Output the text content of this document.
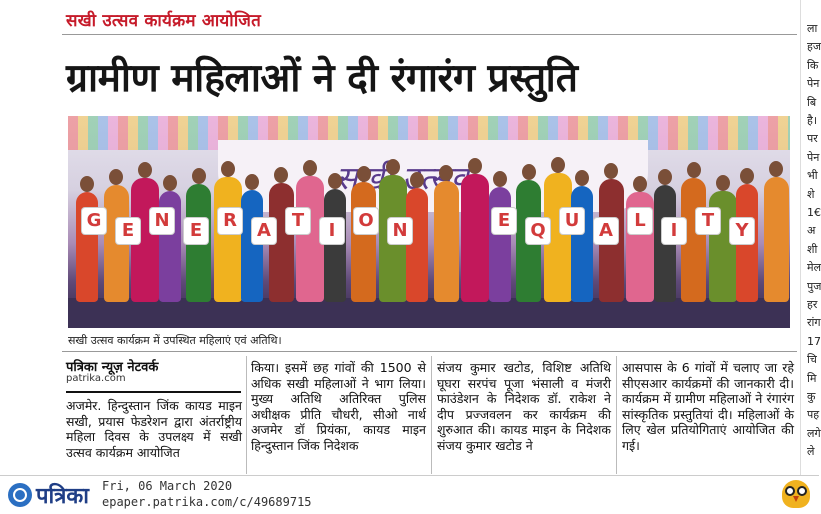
सखी उत्सव कार्यक्रम आयोजित
ग्रामीण महिलाओं ने दी रंगारंग प्रस्तुति
उत्सव
G	E	N	E	R A	T	I	O N	E	Q U A	L	I	T	Y
सखी उत्सव कार्यक्रम में उपस्थित महिलाएं एवं अतिथि।
पत्रिका न्यूज़ नेटवर्क
patrika.com
अजमेर. हिन्दुस्तान जिंक कायड माइन सखी, प्रयास फेडरेशन द्वारा अंतर्राष्ट्रीय महिला दिवस के उपलक्ष्य में सखी उत्सव कार्यक्रम आयोजित
किया। इसमें छह गांवों की 1500 से अधिक सखी महिलाओं ने भाग लिया। मुख्य अतिथि अतिरिक्त पुलिस अधीक्षक प्रीति चौधरी, सीओ नार्थ अजमेर डॉ प्रियंका, कायड माइन हिन्दुस्तान जिंक निदेशक
संजय कुमार खटोड, विशिष्ट अतिथि घूघरा सरपंच पूजा भंसाली व मंजरी फाउंडेशन के निदेशक डॉ. राकेश ने दीप प्रज्जवलन कर कार्यक्रम की शुरुआत की। कायड माइन के निदेशक संजय कुमार खटोड ने
आसपास के 6 गांवों में चलाए जा रहे सीएसआर कार्यक्रमों की जानकारी दी। कार्यक्रम में ग्रामीण महिलाओं ने रंगारंग सांस्कृतिक प्रस्तुतियां दी। महिलाओं के लिए खेल प्रतियोगिताएं आयोजित की गई।
ला
हज
कि
पेन
बि
है।
पर
पेन
भी
शे
1€
अ
शी
मेल
पुज
हर
रांग
17
चि
मि
कु
पह
लगे
ले
पत्रिका Fri, 06 March 2020
epaper.patrika.com/c/49689715
